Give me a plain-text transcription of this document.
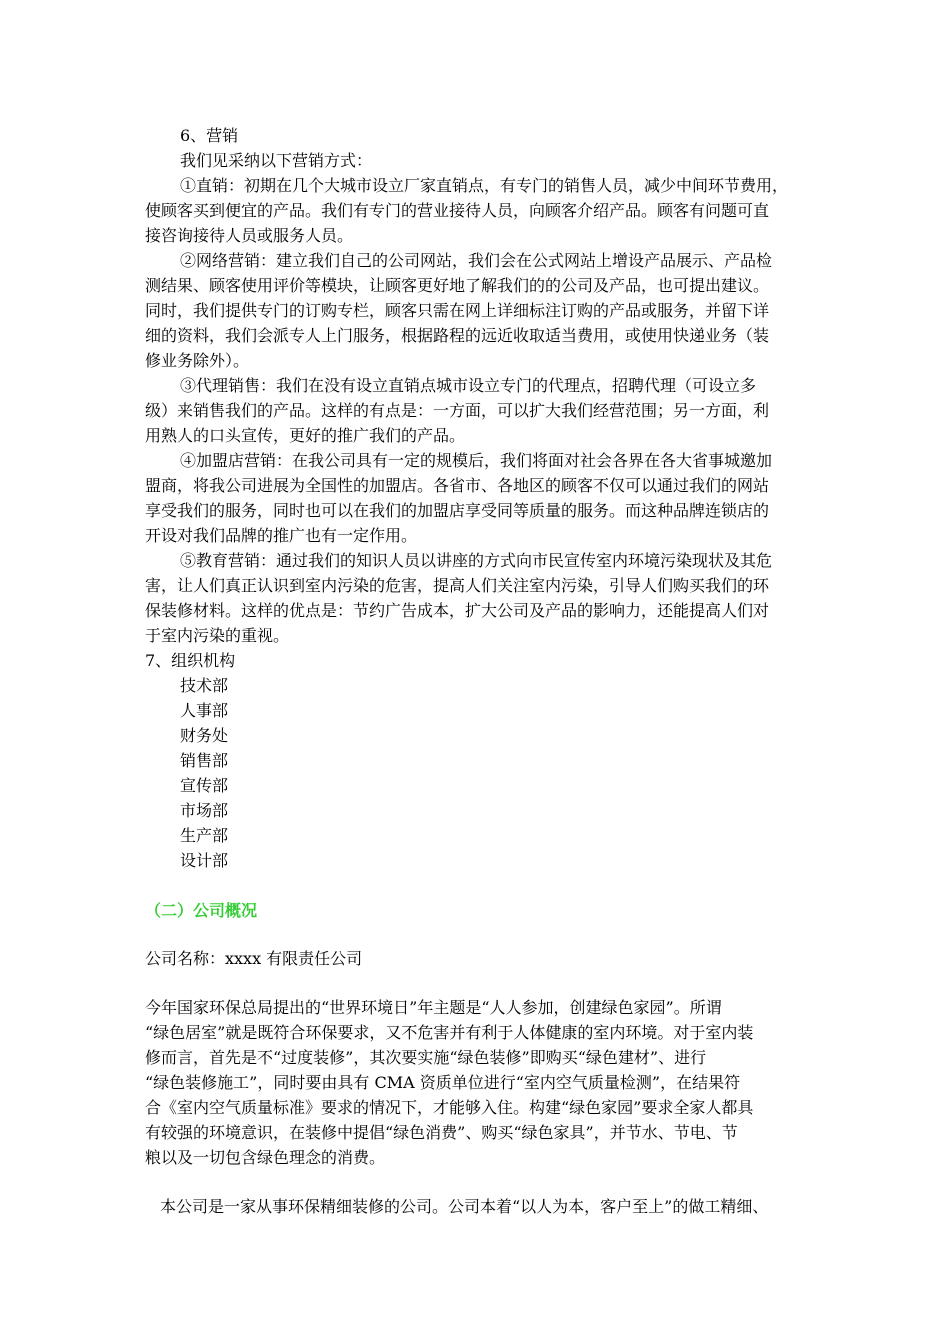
6、营销
我们见采纳以下营销方式：
①直销：初期在几个大城市设立厂家直销点，有专门的销售人员，减少中间环节费用，
使顾客买到便宜的产品。我们有专门的营业接待人员，向顾客介绍产品。顾客有问题可直
接咨询接待人员或服务人员。
②网络营销：建立我们自己的公司网站，我们会在公式网站上增设产品展示、产品检
测结果、顾客使用评价等模块，让顾客更好地了解我们的的公司及产品，也可提出建议。
同时，我们提供专门的订购专栏，顾客只需在网上详细标注订购的产品或服务，并留下详
细的资料，我们会派专人上门服务，根据路程的远近收取适当费用，或使用快递业务（装
修业务除外）。
③代理销售：我们在没有设立直销点城市设立专门的代理点，招聘代理（可设立多
级）来销售我们的产品。这样的有点是：一方面，可以扩大我们经营范围；另一方面，利
用熟人的口头宣传，更好的推广我们的产品。
④加盟店营销：在我公司具有一定的规模后，我们将面对社会各界在各大省事城邀加
盟商，将我公司进展为全国性的加盟店。各省市、各地区的顾客不仅可以通过我们的网站
享受我们的服务，同时也可以在我们的加盟店享受同等质量的服务。而这种品牌连锁店的
开设对我们品牌的推广也有一定作用。
⑤教育营销：通过我们的知识人员以讲座的方式向市民宣传室内环境污染现状及其危
害，让人们真正认识到室内污染的危害，提高人们关注室内污染，引导人们购买我们的环
保装修材料。这样的优点是：节约广告成本，扩大公司及产品的影响力，还能提高人们对
于室内污染的重视。
7、组织机构
技术部
人事部
财务处
销售部
宣传部
市场部
生产部
设计部
（二）公司概况
公司名称：xxxx 有限责任公司
今年国家环保总局提出的“世界环境日”年主题是“人人参加，创建绿色家园”。所谓
“绿色居室”就是既符合环保要求，又不危害并有利于人体健康的室内环境。对于室内装
修而言，首先是不“过度装修”，其次要实施“绿色装修”即购买“绿色建材”、进行
“绿色装修施工”，同时要由具有 CMA 资质单位进行“室内空气质量检测”，在结果符
合《室内空气质量标准》要求的情况下，才能够入住。构建“绿色家园”要求全家人都具
有较强的环境意识，在装修中提倡“绿色消费”、购买“绿色家具”，并节水、节电、节
粮以及一切包含绿色理念的消费。
本公司是一家从事环保精细装修的公司。公司本着“以人为本，客户至上”的做工精细、
